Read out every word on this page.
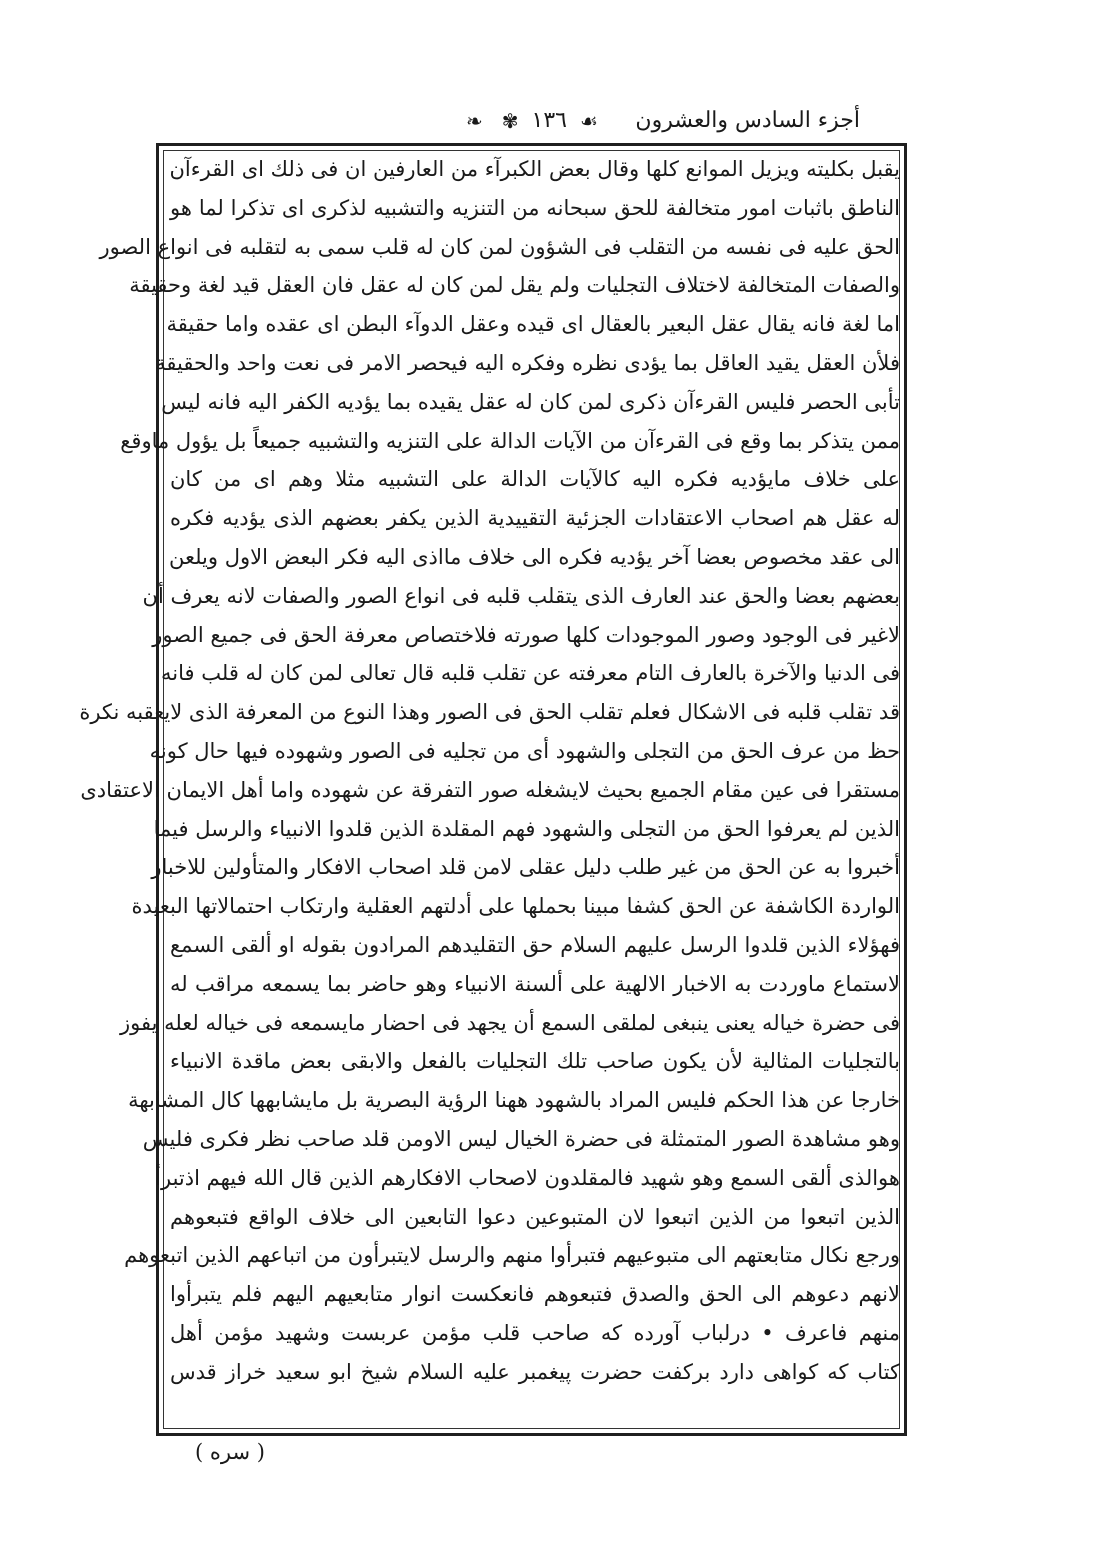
أجزء السادس والعشرون
❧ ✾ ١٣٦ ☙
يقبل بكليته ويزيل الموانع كلها وقال بعض الكبرآء من العارفين ان فى ذلك اى القرءآن
الناطق باثبات امور متخالفة للحق سبحانه من التنزيه والتشبيه لذكرى اى تذكرا لما هو
الحق عليه فى نفسه من التقلب فى الشؤون لمن كان له قلب سمى به لتقلبه فى انواع الصور
والصفات المتخالفة لاختلاف التجليات ولم يقل لمن كان له عقل فان العقل قيد لغة وحقيقة
اما لغة فانه يقال عقل البعير بالعقال اى قيده وعقل الدوآء البطن اى عقده واما حقيقة
فلأن العقل يقيد العاقل بما يؤدى نظره وفكره اليه فيحصر الامر فى نعت واحد والحقيقة
تأبى الحصر فليس القرءآن ذكرى لمن كان له عقل يقيده بما يؤديه الكفر اليه فانه ليس
ممن يتذكر بما وقع فى القرءآن من الآيات الدالة على التنزيه والتشبيه جميعاً بل يؤول ماوقع
على خلاف مايؤديه فكره اليه كالآيات الدالة على التشبيه مثلا وهم اى من كان
له عقل هم اصحاب الاعتقادات الجزئية التقييدية الذين يكفر بعضهم الذى يؤديه فكره
الى عقد مخصوص بعضا آخر يؤديه فكره الى خلاف مااذى اليه فكر البعض الاول ويلعن
بعضهم بعضا والحق عند العارف الذى يتقلب قلبه فى انواع الصور والصفات لانه يعرف أن
لاغير فى الوجود وصور الموجودات كلها صورته فلاختصاص معرفة الحق فى جميع الصور
فى الدنيا والآخرة بالعارف التام معرفته عن تقلب قلبه قال تعالى لمن كان له قلب فانه
قد تقلب قلبه فى الاشكال فعلم تقلب الحق فى الصور وهذا النوع من المعرفة الذى لايعقبه نكرة
حظ من عرف الحق من التجلى والشهود أى من تجليه فى الصور وشهوده فيها حال كونه
مستقرا فى عين مقام الجميع بحيث لايشغله صور التفرقة عن شهوده واما أهل الايمان الاعتقادى
الذين لم يعرفوا الحق من التجلى والشهود فهم المقلدة الذين قلدوا الانبياء والرسل فيما
أخبروا به عن الحق من غير طلب دليل عقلى لامن قلد اصحاب الافكار والمتأولين للاخبار
الواردة الكاشفة عن الحق كشفا مبينا بحملها على أدلتهم العقلية وارتكاب احتمالاتها البعيدة
فهؤلاء الذين قلدوا الرسل عليهم السلام حق التقليدهم المرادون بقوله او ألقى السمع
لاستماع ماوردت به الاخبار الالهية على ألسنة الانبياء وهو حاضر بما يسمعه مراقب له
فى حضرة خياله يعنى ينبغى لملقى السمع أن يجهد فى احضار مايسمعه فى خياله لعله يفوز
بالتجليات المثالية لأن يكون صاحب تلك التجليات بالفعل والابقى بعض ماقدة الانبياء
خارجا عن هذا الحكم فليس المراد بالشهود ههنا الرؤية البصرية بل مايشابهها كال المشابهة
وهو مشاهدة الصور المتمثلة فى حضرة الخيال ليس الاومن قلد صاحب نظر فكرى فليس
هوالذى ألقى السمع وهو شهيد فالمقلدون لاصحاب الافكارهم الذين قال الله فيهم اذتبرأ
الذين اتبعوا من الذين اتبعوا لان المتبوعين دعوا التابعين الى خلاف الواقع فتبعوهم
ورجع نكال متابعتهم الى متبوعيهم فتبرأوا منهم والرسل لايتبرأون من اتباعهم الذين اتبعوهم
لانهم دعوهم الى الحق والصدق فتبعوهم فانعكست انوار متابعيهم اليهم فلم يتبرأوا
منهم فاعرف • درلباب آورده كه صاحب قلب مؤمن عربست وشهيد مؤمن أهل
كتاب كه كواهى دارد بركفت حضرت پيغمبر عليه السلام شيخ ابو سعيد خراز قدس
( سره )
